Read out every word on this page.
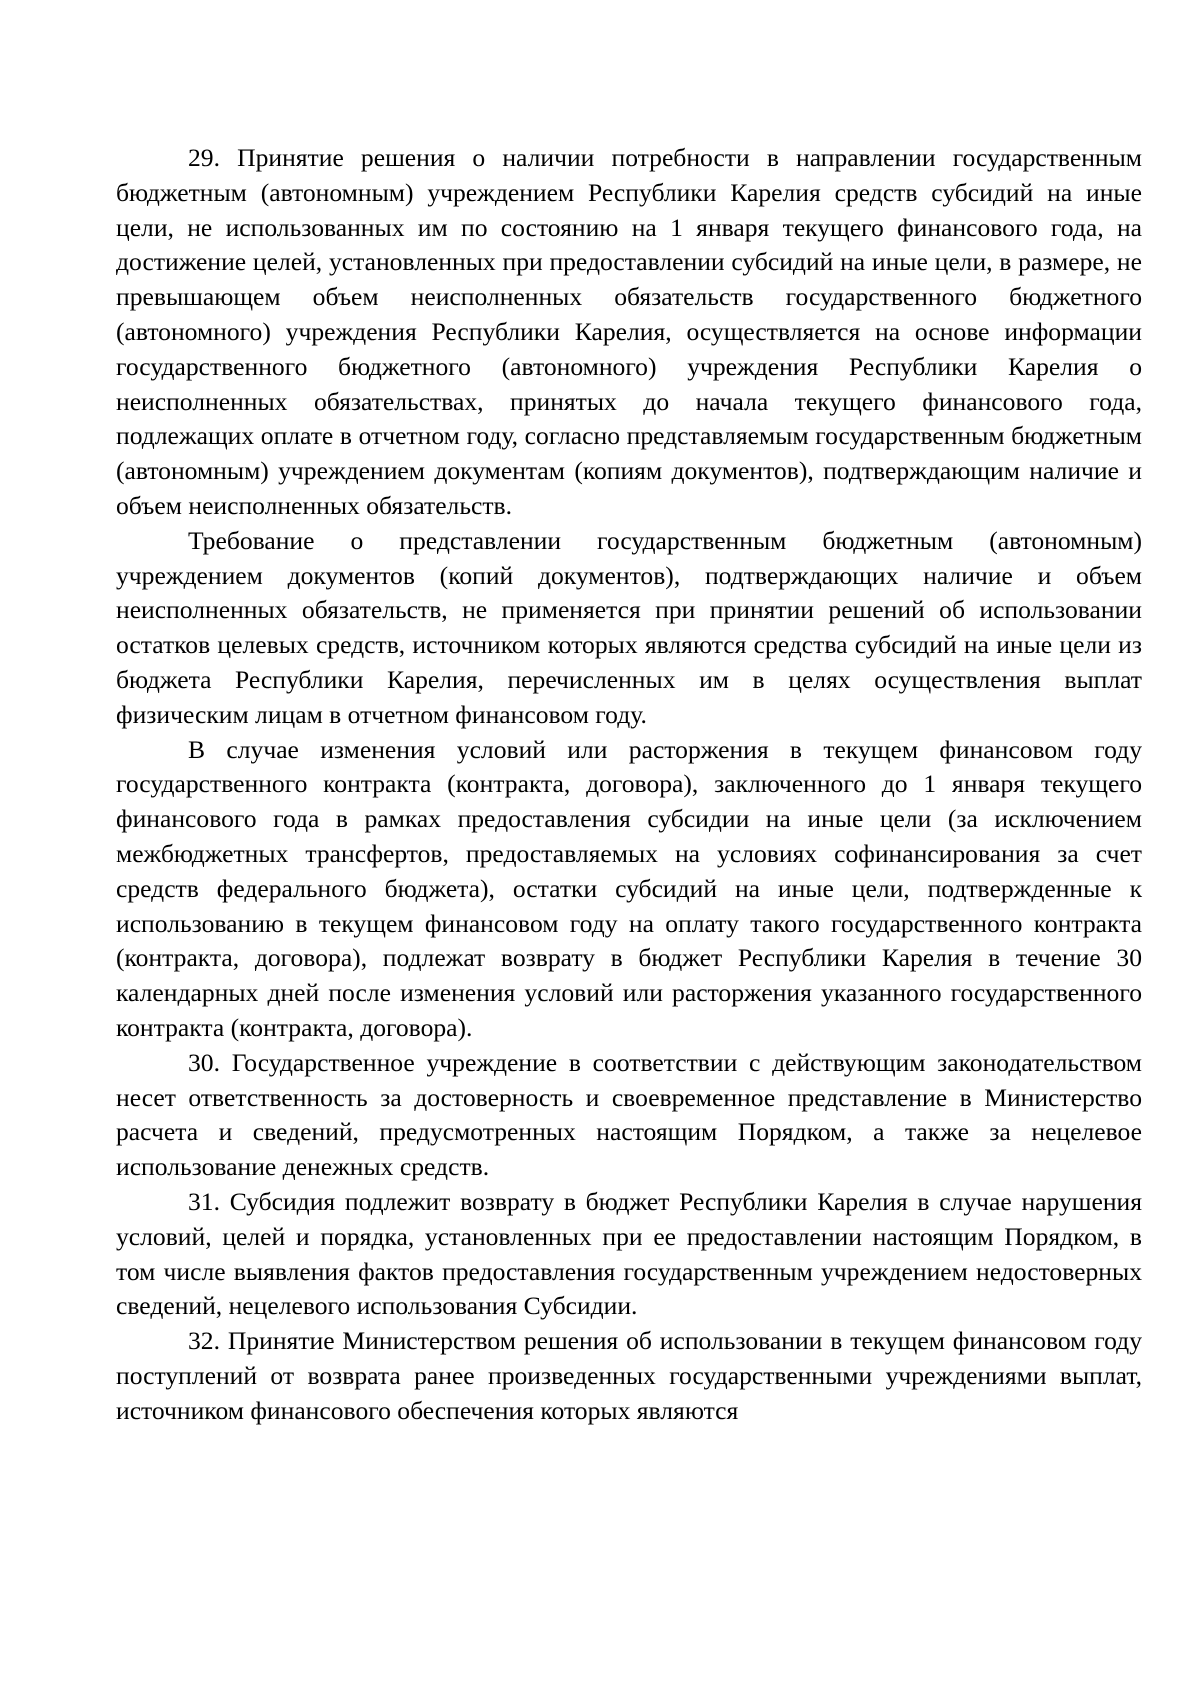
29. Принятие решения о наличии потребности в направлении государственным бюджетным (автономным) учреждением Республики Карелия средств субсидий на иные цели, не использованных им по состоянию на 1 января текущего финансового года, на достижение целей, установленных при предоставлении субсидий на иные цели, в размере, не превышающем объем неисполненных обязательств государственного бюджетного (автономного) учреждения Республики Карелия, осуществляется на основе информации государственного бюджетного (автономного) учреждения Республики Карелия о неисполненных обязательствах, принятых до начала текущего финансового года, подлежащих оплате в отчетном году, согласно представляемым государственным бюджетным (автономным) учреждением документам (копиям документов), подтверждающим наличие и объем неисполненных обязательств.

Требование о представлении государственным бюджетным (автономным) учреждением документов (копий документов), подтверждающих наличие и объем неисполненных обязательств, не применяется при принятии решений об использовании остатков целевых средств, источником которых являются средства субсидий на иные цели из бюджета Республики Карелия, перечисленных им в целях осуществления выплат физическим лицам в отчетном финансовом году.

В случае изменения условий или расторжения в текущем финансовом году государственного контракта (контракта, договора), заключенного до 1 января текущего финансового года в рамках предоставления субсидии на иные цели (за исключением межбюджетных трансфертов, предоставляемых на условиях софинансирования за счет средств федерального бюджета), остатки субсидий на иные цели, подтвержденные к использованию в текущем финансовом году на оплату такого государственного контракта (контракта, договора), подлежат возврату в бюджет Республики Карелия в течение 30 календарных дней после изменения условий или расторжения указанного государственного контракта (контракта, договора).

30. Государственное учреждение в соответствии с действующим законодательством несет ответственность за достоверность и своевременное представление в Министерство расчета и сведений, предусмотренных настоящим Порядком, а также за нецелевое использование денежных средств.

31. Субсидия подлежит возврату в бюджет Республики Карелия в случае нарушения условий, целей и порядка, установленных при ее предоставлении настоящим Порядком, в том числе выявления фактов предоставления государственным учреждением недостоверных сведений, нецелевого использования Субсидии.

32. Принятие Министерством решения об использовании в текущем финансовом году поступлений от возврата ранее произведенных государственными учреждениями выплат, источником финансового обеспечения которых являются
